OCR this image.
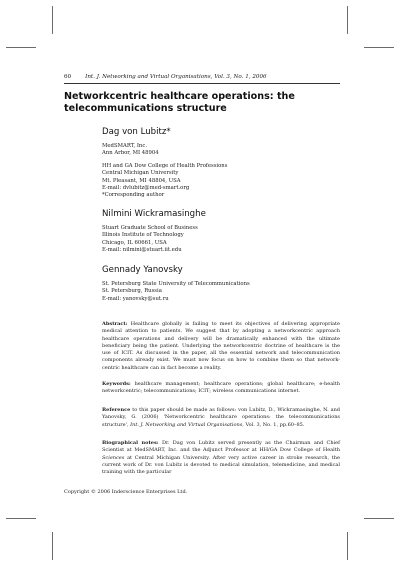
60	Int. J. Networking and Virtual Organisations, Vol. 3, No. 1, 2006
Networkcentric healthcare operations: the telecommunications structure

Dag von Lubitz*

MedSMART, Inc.

Ann Arbor, MI 48904

HH and GA Dow College of Health Professions

Central Michigan University

Mt. Pleasant, MI 48804, USA

E-mail: dvlubitz@med-smart.org

*Corresponding author

Nilmini Wickramasinghe

Stuart Graduate School of Business

Illinois Institute of Technology

Chicago, IL 60661, USA

E-mail: nilmini@stuart.iit.edu

Gennady Yanovsky

St. Petersburg State University of Telecommunications

St. Petersburg, Russia

E-mail: yanovsky@sut.ru

Abstract: Healthcare globally is failing to meet its objectives of delivering appropriate medical attention to patients. We suggest that by adopting a networkcentric approach healthcare operations and delivery will be dramatically enhanced with the ultimate beneficiary being the patient. Underlying the networkcentric doctrine of healthcare is the use of ICIT. As discussed in the paper, all the essential network and telecommunication components already exist. We must now focus on how to combine them so that network-centric healthcare can in fact become a reality.

Keywords: healthcare management; healthcare operations; global healthcare; e-health networkcentric; telecommunications; ICIT; wireless communications internet.

Reference to this paper should be made as follows: von Lubitz, D., Wickramasinghe, N. and Yanovsky, G. (2006) 'Networkcentric healthcare operations: the telecommunications structure', Int. J. Networking and Virtual Organisations, Vol. 3, No. 1, pp.60–85.

Biographical notes: Dr. Dag von Lubitz served presently as the Chairman and Chief Scientist at MedSMART, Inc. and the Adjunct Professor at HH/GA Dow College of Health Sciences at Central Michigan University. After very active career in stroke research, the current work of Dr. von Lubitz is devoted to medical simulation, telemedicine, and medical training with the particular

Copyright © 2006 Inderscience Enterprises Ltd.
